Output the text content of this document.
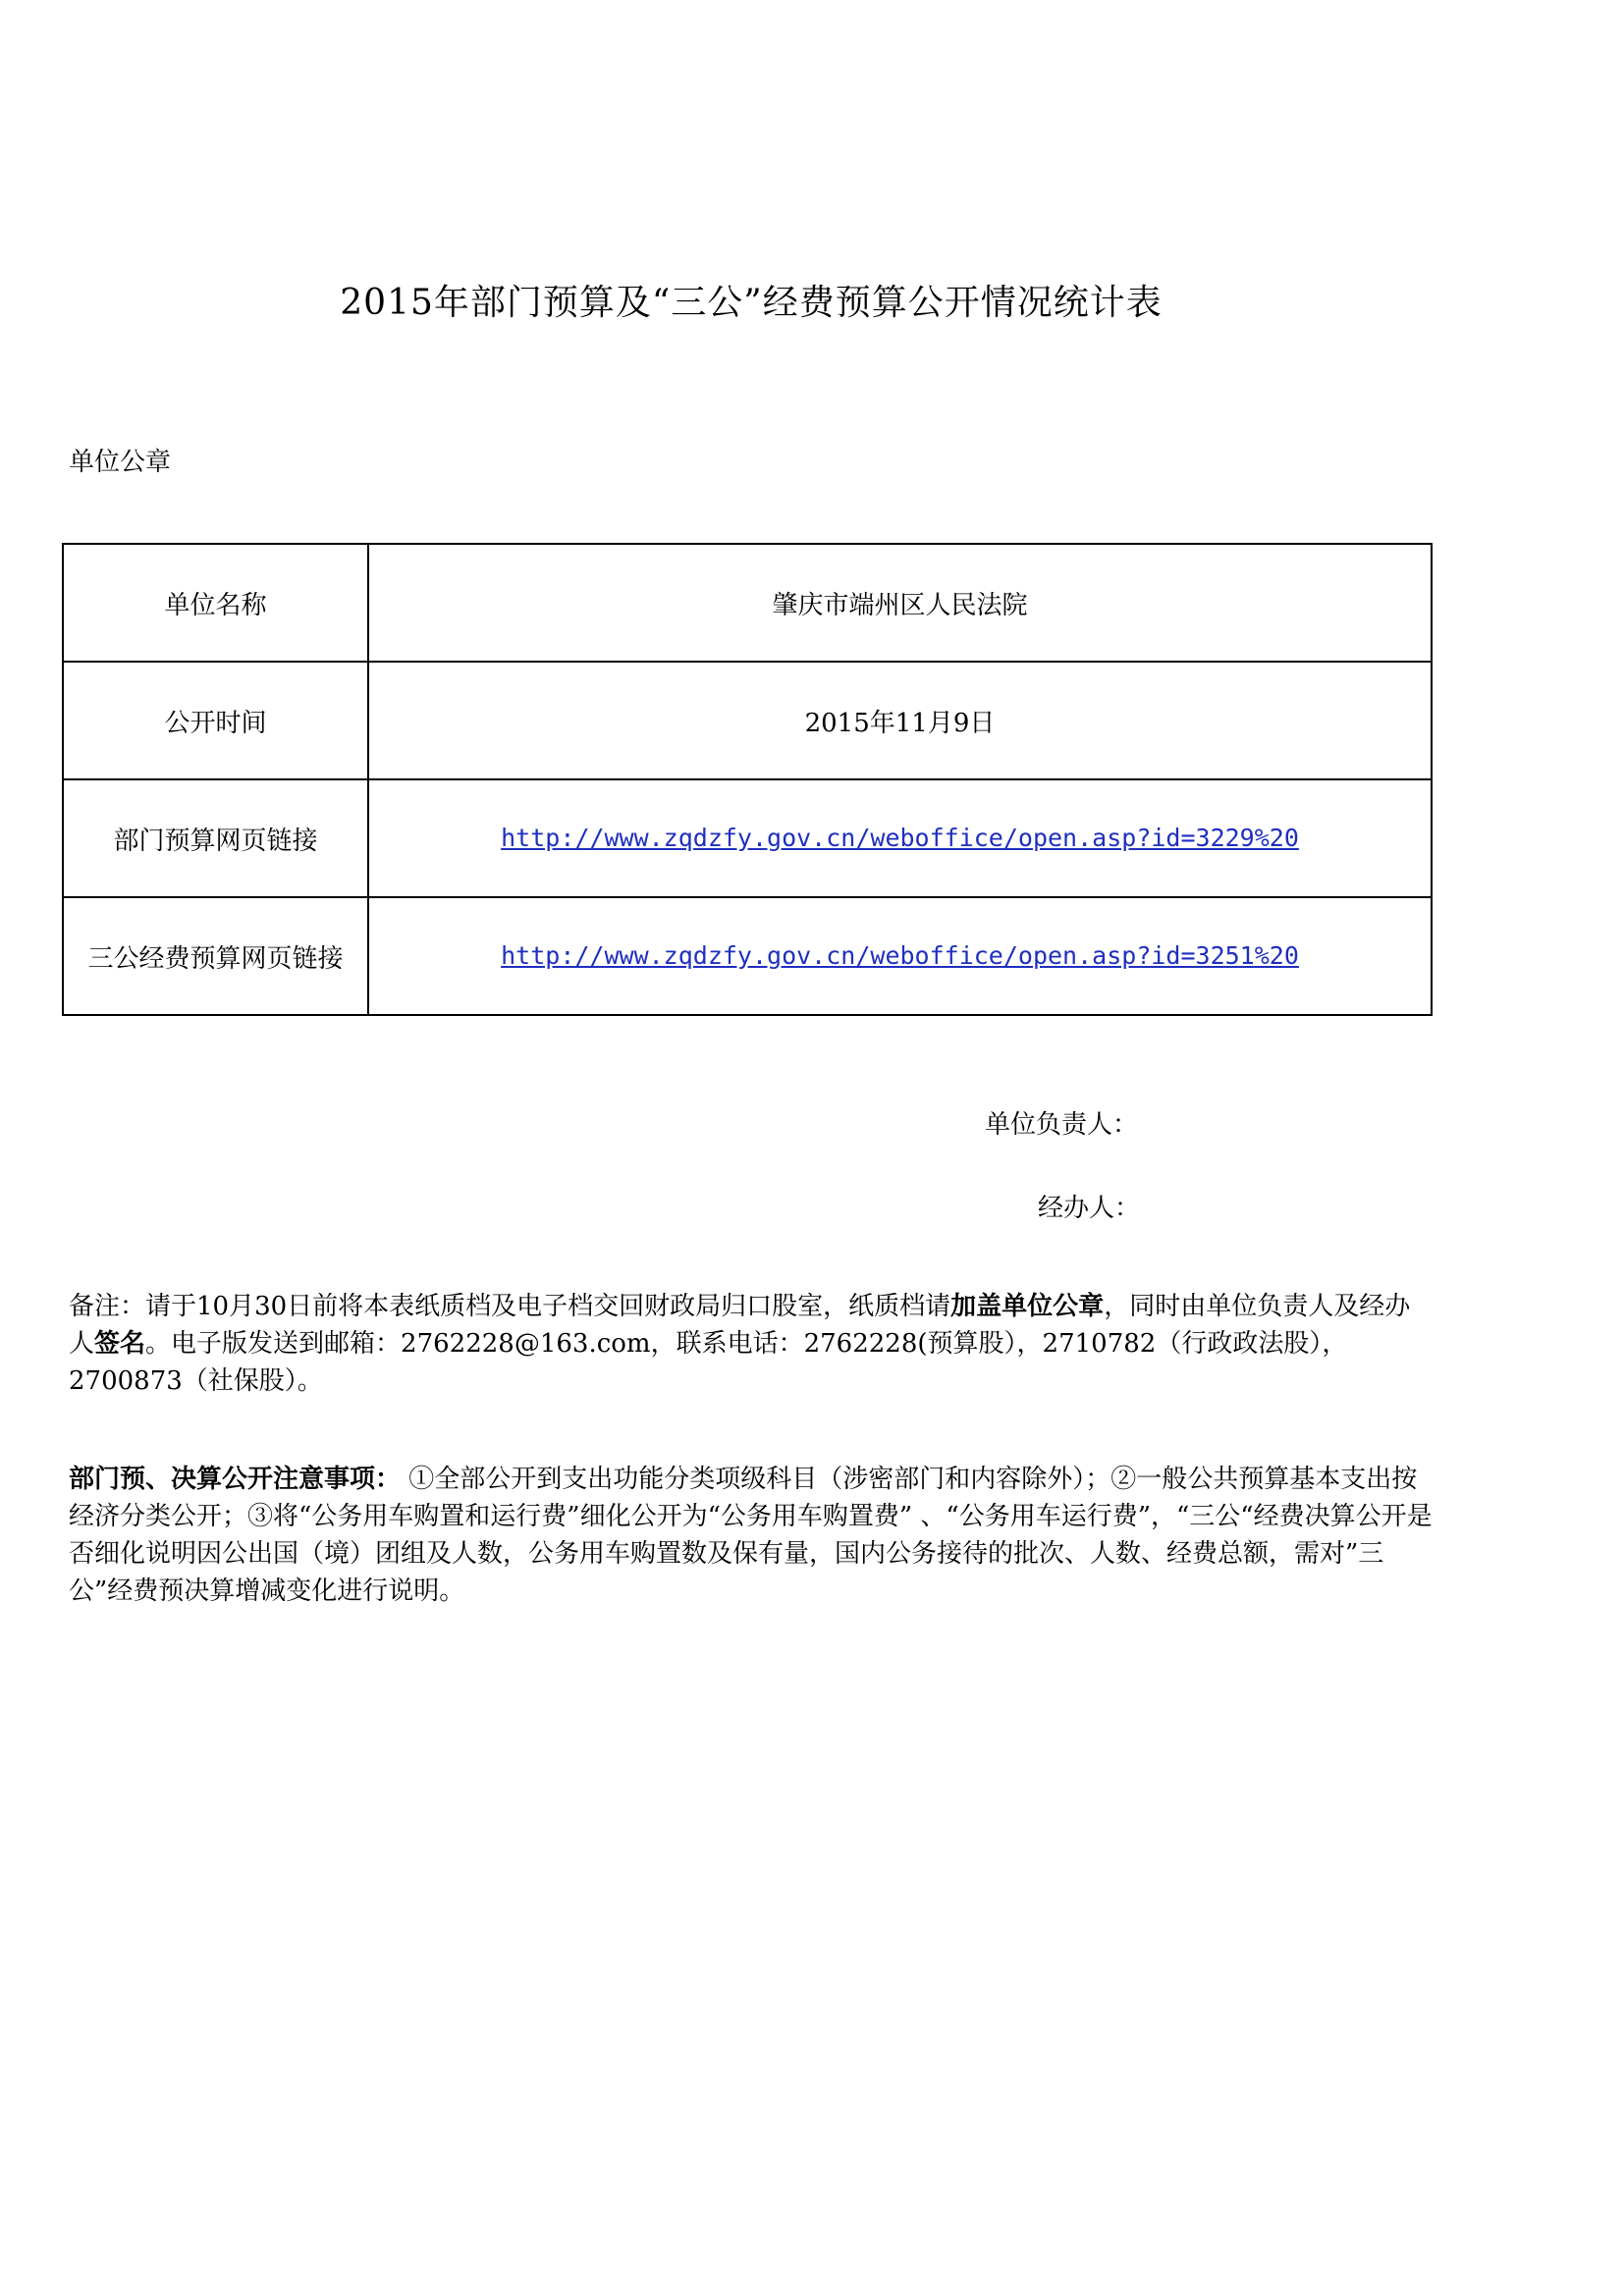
2015年部门预算及“三公”经费预算公开情况统计表
单位公章
单位名称	肇庆市端州区人民法院
公开时间	2015年11月9日
部门预算网页链接	http://www.zqdzfy.gov.cn/weboffice/open.asp?id=3229%20
三公经费预算网页链接	http://www.zqdzfy.gov.cn/weboffice/open.asp?id=3251%20
单位负责人：
经办人：
备注：请于10月30日前将本表纸质档及电子档交回财政局归口股室，纸质档请加盖单位公章，同时由单位负责人及经办人签名。电子版发送到邮箱：2762228@163.com，联系电话：2762228(预算股），2710782（行政政法股），2700873（社保股）。
部门预、决算公开注意事项： ①全部公开到支出功能分类项级科目（涉密部门和内容除外）；②一般公共预算基本支出按经济分类公开；③将“公务用车购置和运行费”细化公开为“公务用车购置费” 、“公务用车运行费”，“三公“经费决算公开是否细化说明因公出国（境）团组及人数，公务用车购置数及保有量，国内公务接待的批次、人数、经费总额，需对”三公”经费预决算增减变化进行说明。
